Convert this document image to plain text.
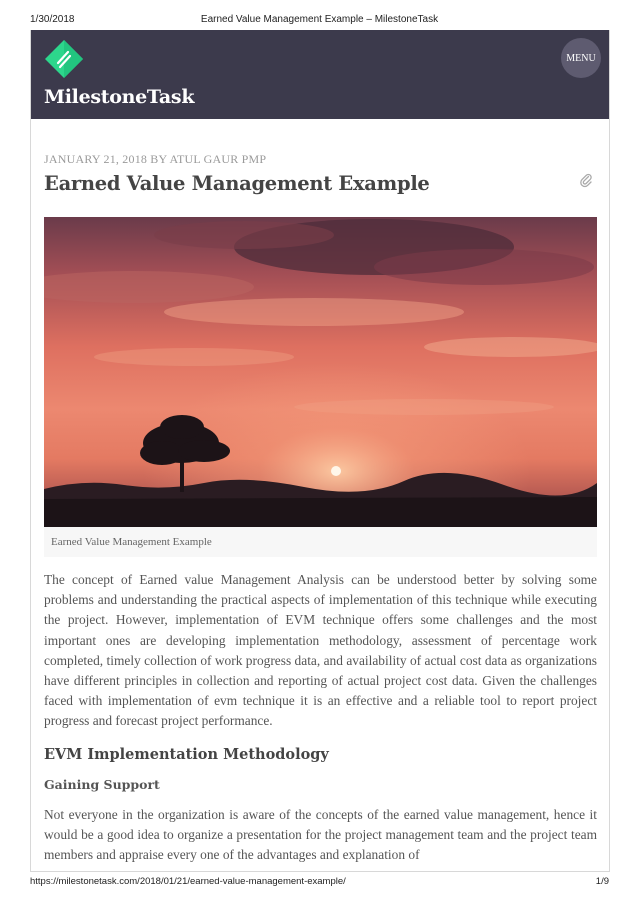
1/30/2018	Earned Value Management Example – MilestoneTask
MilestoneTask
MENU
JANUARY 21, 2018 BY ATUL GAUR PMP
Earned Value Management Example
Earned Value Management Example

The concept of Earned value Management Analysis can be understood better by solving some problems and understanding the practical aspects of implementation of this technique while executing the project. However, implementation of EVM technique offers some challenges and the most important ones are developing implementation methodology, assessment of percentage work completed, timely collection of work progress data, and availability of actual cost data as organizations have different principles in collection and reporting of actual project cost data. Given the challenges faced with implementation of evm technique it is an effective and a reliable tool to report project progress and forecast project performance.

EVM Implementation Methodology
Gaining Support

Not everyone in the organization is aware of the concepts of the earned value management, hence it would be a good idea to organize a presentation for the project management team and the project team members and appraise every one of the advantages and explanation of

https://milestonetask.com/2018/01/21/earned-value-management-example/	1/9
